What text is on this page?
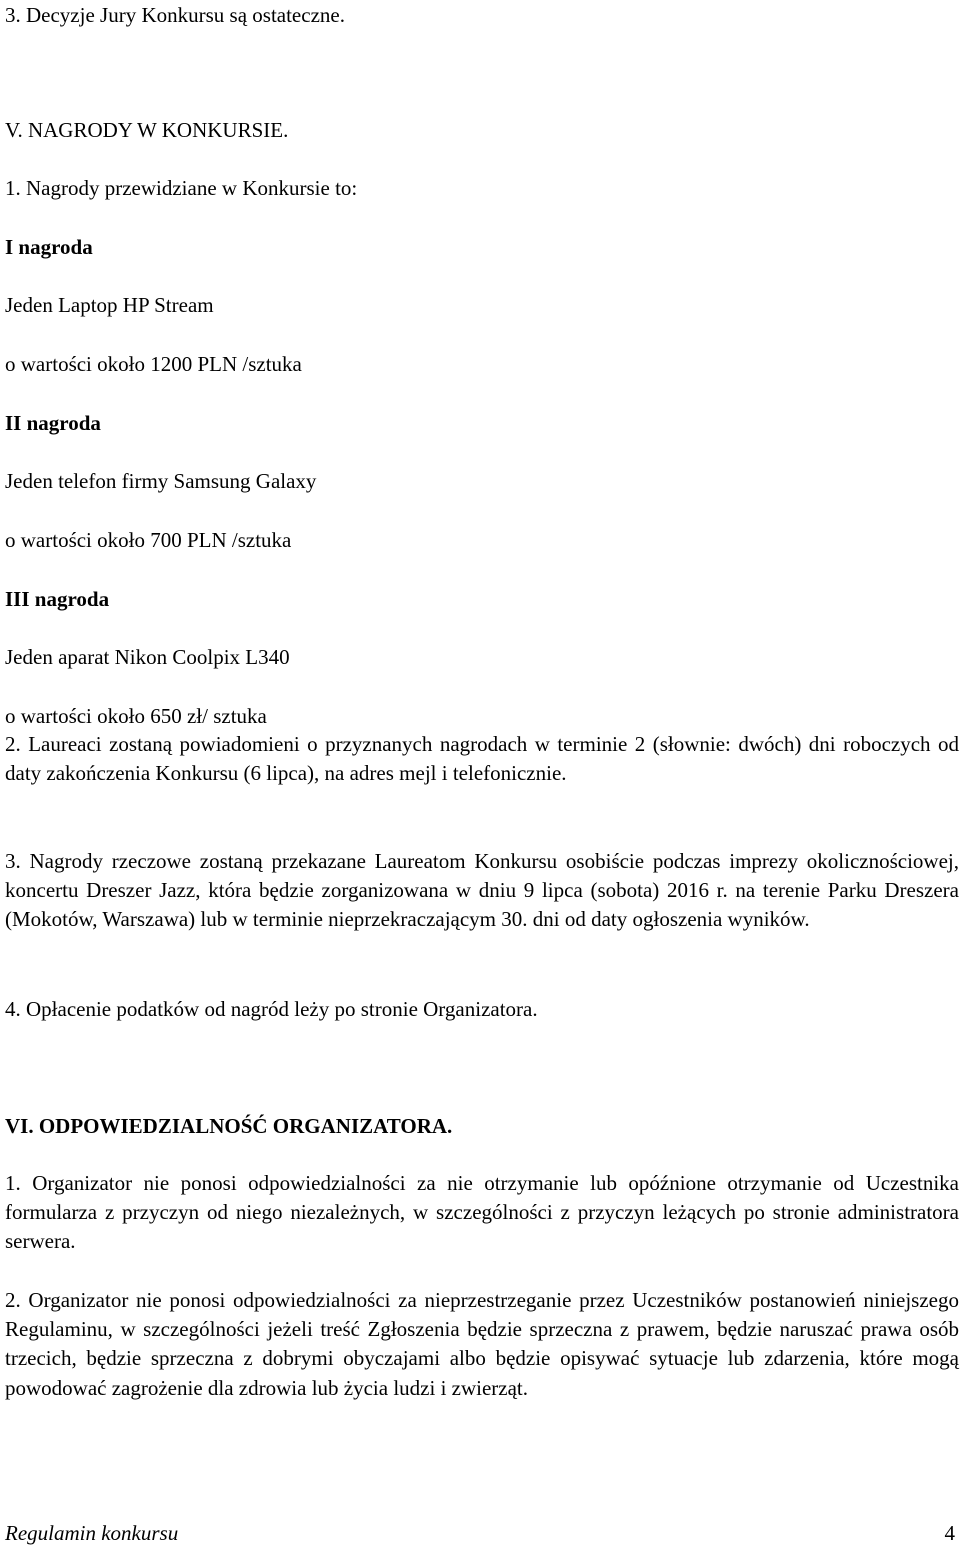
3. Decyzje Jury Konkursu są ostateczne.
V. NAGRODY W KONKURSIE.
1. Nagrody przewidziane w Konkursie to:
I nagroda
Jeden Laptop HP Stream
o wartości około 1200 PLN /sztuka
II nagroda
Jeden telefon firmy Samsung Galaxy
o wartości około 700 PLN /sztuka
III nagroda
Jeden aparat Nikon Coolpix L340
o wartości około 650 zł/ sztuka

2. Laureaci zostaną powiadomieni o przyznanych nagrodach w terminie 2 (słownie: dwóch) dni roboczych od daty zakończenia Konkursu (6 lipca), na adres mejl i telefonicznie.

3. Nagrody rzeczowe zostaną przekazane Laureatom Konkursu osobiście podczas imprezy okolicznościowej, koncertu Dreszer Jazz, która będzie zorganizowana w dniu 9 lipca (sobota) 2016 r. na terenie Parku Dreszera (Mokotów, Warszawa) lub w terminie nieprzekraczającym 30. dni od daty ogłoszenia wyników.

4. Opłacenie podatków od nagród leży po stronie Organizatora.
VI. ODPOWIEDZIALNOŚĆ ORGANIZATORA.

1. Organizator nie ponosi odpowiedzialności za nie otrzymanie lub opóźnione otrzymanie od Uczestnika formularza z przyczyn od niego niezależnych, w szczególności z przyczyn leżących po stronie administratora serwera.

2. Organizator nie ponosi odpowiedzialności za nieprzestrzeganie przez Uczestników postanowień niniejszego Regulaminu, w szczególności jeżeli treść Zgłoszenia będzie sprzeczna z prawem, będzie naruszać prawa osób trzecich, będzie sprzeczna z dobrymi obyczajami albo będzie opisywać sytuacje lub zdarzenia, które mogą powodować zagrożenie dla zdrowia lub życia ludzi i zwierząt.

Regulamin konkursu	4
